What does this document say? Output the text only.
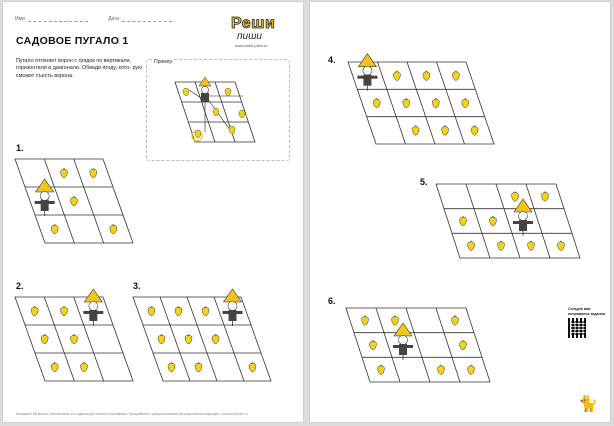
Имя	Дата	Реши
пиши
www.reshi-pishi.ru
САДОВОЕ ПУГАЛО 1
Пугало отгоняет ворон с грядок по вертикали, горизонтали и диагонали. Обведи ягоду, кото- рую сможет съесть ворона.
Пример
1.
2.	3.
Внимание! Вы можете использовать эти задания для личного пользования. Копирование и распространение без разрешения запрещено. www.reshi-pishi.ru
4.
5.
6.
Сегодня вам понравился задания
🐈
